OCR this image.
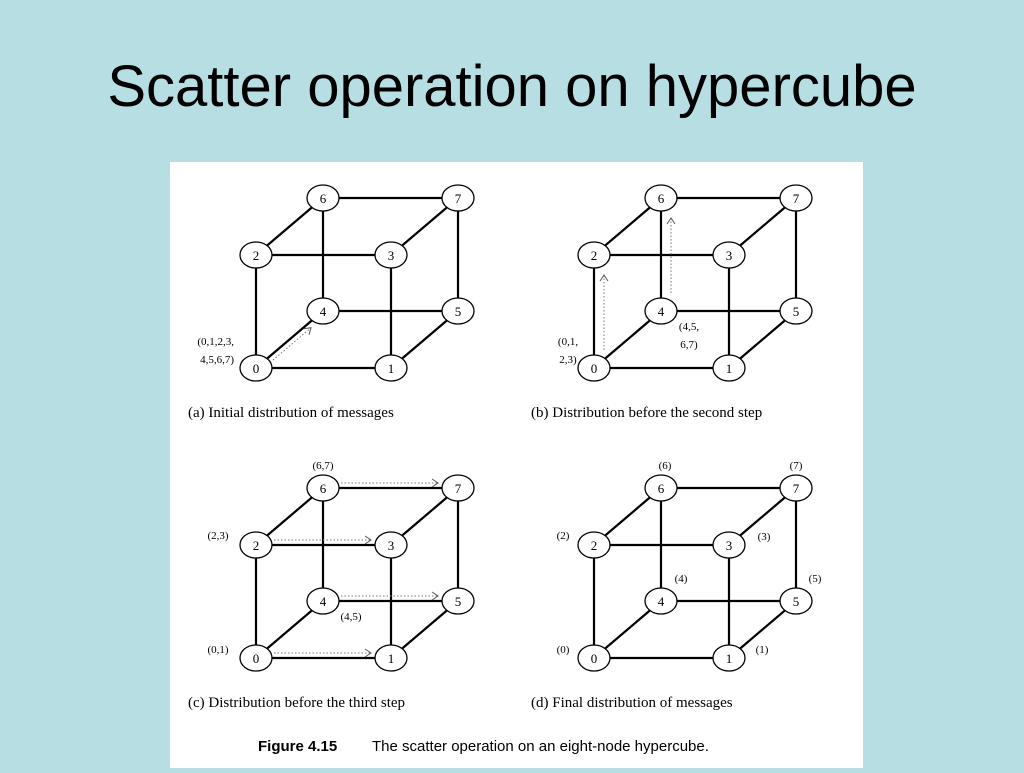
Scatter operation on hypercube
0	1
2	3
4	5
6	7
(0,1,2,3,
4,5,6,7)
(a) Initial distribution of messages
0	1
2	3
4	5
6	7
(0,1,
2,3)
(4,5,
6,7)
(b) Distribution before the second step
0	1
2	3
4	5
6	7
(0,1)
(2,3)
(4,5)
(6,7)
(c) Distribution before the third step
0	1
2	3
4	5
6	7
(0)	(1)
(2)	(3)
(4)	(5)
(6)	(7)
(d) Final distribution of messages
Figure 4.15 The scatter operation on an eight-node hypercube.
